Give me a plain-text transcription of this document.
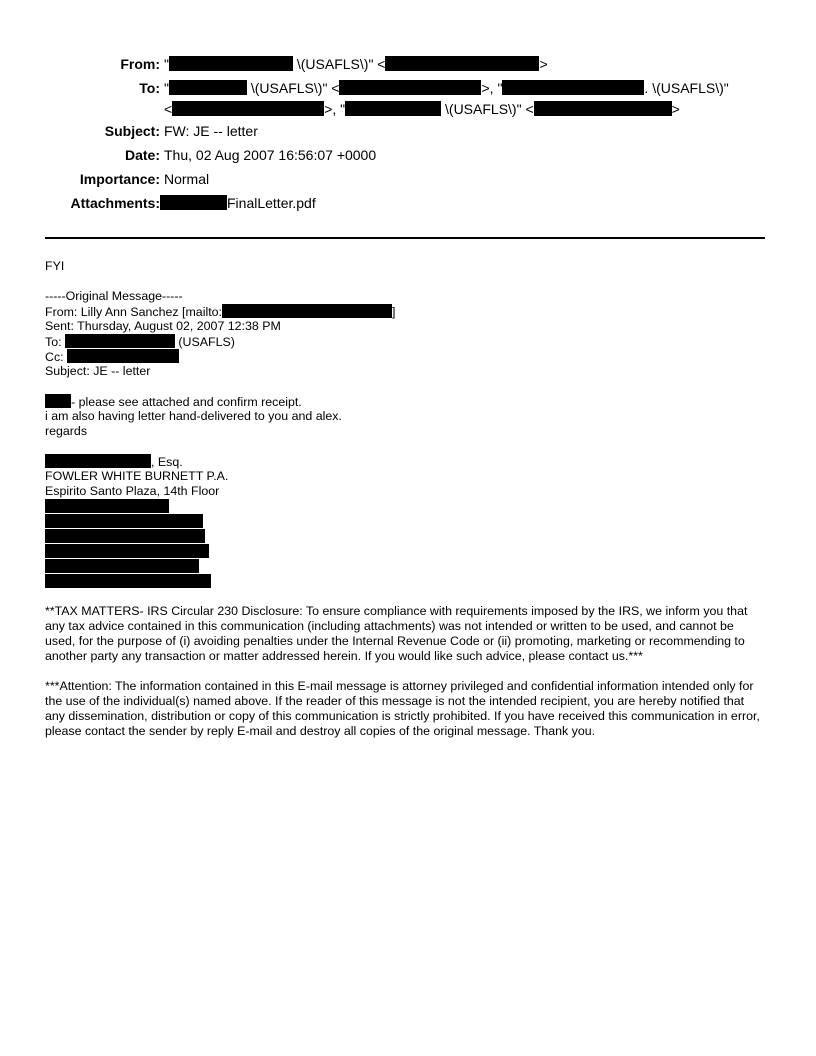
From: "	\(USAFLS\)" <	>
To: "	\(USAFLS\)" <	>, "	. \(USAFLS\)"
<	>, "	\(USAFLS\)" <	>
Subject: FW: JE -- letter
Date: Thu, 02 Aug 2007 16:56:07 +0000
Importance: Normal
Attachments:	FinalLetter.pdf
FYI
-----Original Message-----
From: Lilly Ann Sanchez [mailto:	]
Sent: Thursday, August 02, 2007 12:38 PM
To:	(USAFLS)
Cc:
Subject: JE -- letter
- please see attached and confirm receipt.
i am also having letter hand-delivered to you and alex.
regards
, Esq.
FOWLER WHITE BURNETT P.A.
Espirito Santo Plaza, 14th Floor
**TAX MATTERS- IRS Circular 230 Disclosure: To ensure compliance with requirements imposed by the IRS, we inform you that any tax advice contained in this communication (including attachments) was not intended or written to be used, and cannot be used, for the purpose of (i) avoiding penalties under the Internal Revenue Code or (ii) promoting, marketing or recommending to another party any transaction or matter addressed herein. If you would like such advice, please contact us.***
***Attention: The information contained in this E-mail message is attorney privileged and confidential information intended only for the use of the individual(s) named above. If the reader of this message is not the intended recipient, you are hereby notified that any dissemination, distribution or copy of this communication is strictly prohibited. If you have received this communication in error, please contact the sender by reply E-mail and destroy all copies of the original message. Thank you.
